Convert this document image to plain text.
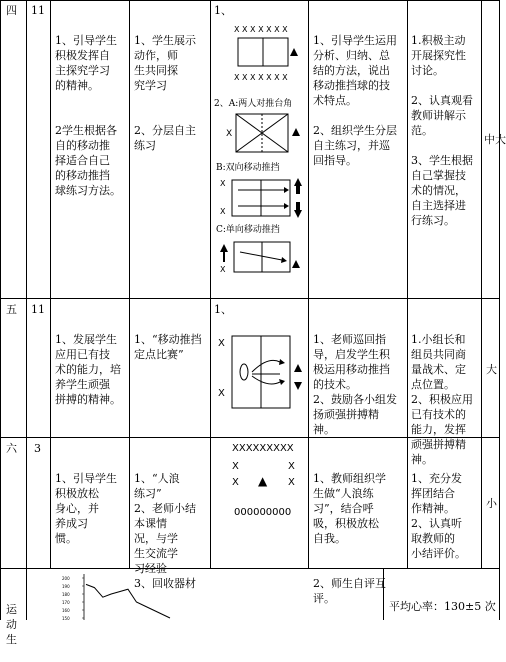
四 11

1、引导学生
积极发挥自
主探究学习
的精神。

2学生根据各
自的移动推
择适合自己
的移动推挡
球练习方法。

1、学生展示
动作，师
生共同探
究学习

2、分层自主
练习

1、
X X X X X X X
X X X X X X X
2、A:两人对推台角
X
B:双向移动推挡
X
X
C:单向移动推挡
X

1、引导学生运用
分析、归纳、总
结的方法，说出
移动推挡球的技
术特点。

2、组织学生分层
自主练习，并巡
回指导。

1.积极主动
开展探究性
讨论。

2、认真观看
教师讲解示
范。

3、学生根据
自己掌握技
术的情况，
自主选择进
行练习。

中大
五 11

1、发展学生
应用已有技
术的能力，培
养学生顽强
拼搏的精神。

1、“移动推挡
定点比赛”

1、
X
X

1、老师巡回指
导，启发学生积
极运用移动推挡
的技术。
2、鼓励各小组发
扬顽强拼搏精
神。

1.小组长和
组员共同商
量战术、定
点位置。
2、积极应用
已有技术的
能力，发挥
顽强拼搏精
神。

大
六 3

1、引导学生
积极放松
身心，并
养成习
惯。

1、“人浪
练习”
2、老师小结
本课情
况，与学
生交流学
习经验
3、回收器材

XXXXXXXXX
X	X
X	X
▲
000000000

1、教师组织学
生做“人浪练
习”，结合呼
吸，积极放松
自我。

2、师生自评互
评。

1、充分发
挥团结合
作精神。
2、认真听
取教师的
小结评价。

小

运
动
生

200
190
180
170
160
150
平均心率：130±5 次
